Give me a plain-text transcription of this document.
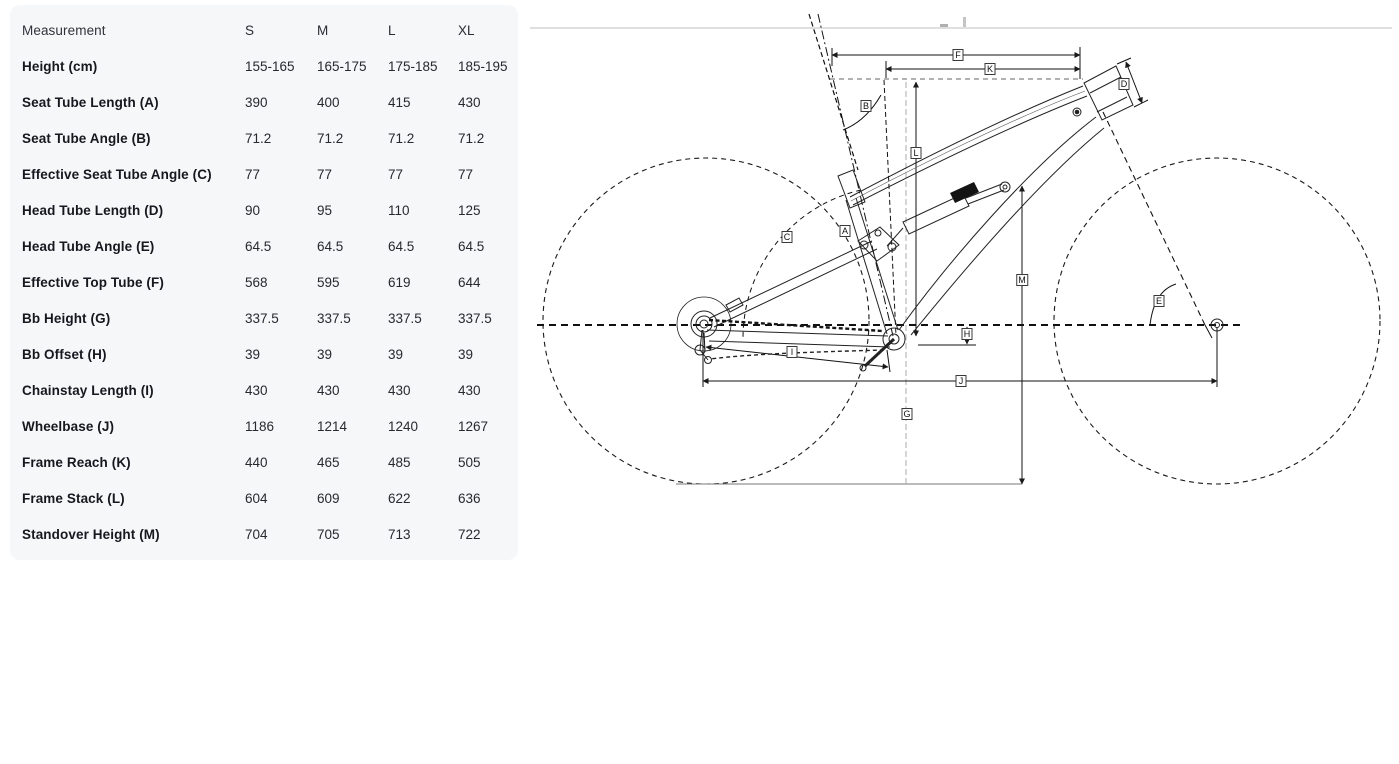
Measurement	S	M	L	XL
Height (cm)	155-165	165-175	175-185	185-195
Seat Tube Length (A)	390	400	415	430
Seat Tube Angle (B)	71.2	71.2	71.2	71.2
Effective Seat Tube Angle (C)	77	77	77	77
Head Tube Length (D)	90	95	110	125
Head Tube Angle (E)	64.5	64.5	64.5	64.5
Effective Top Tube (F)	568	595	619	644
Bb Height (G)	337.5	337.5	337.5	337.5
Bb Offset (H)	39	39	39	39
Chainstay Length (I)	430	430	430	430
Wheelbase (J)	1186	1214	1240	1267
Frame Reach (K)	440	465	485	505
Frame Stack (L)	604	609	622	636
Standover Height (M)	704	705	713	722
A
B
C
D
E
F
G
H
I
J
K
L
M
